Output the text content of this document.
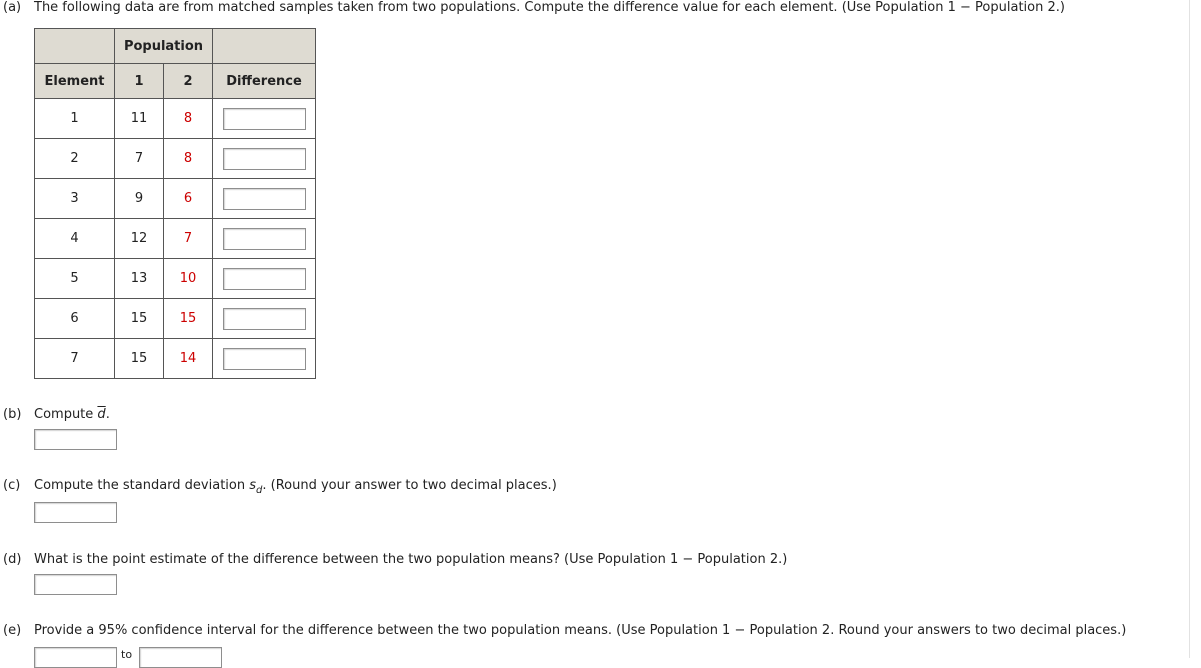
(a) The following data are from matched samples taken from two populations. Compute the difference value for each element. (Use Population 1 − Population 2.)
	Population		
Element	1	2	Difference
1	11	8	

2	7	8	

3	9	6	

4	12	7	

5	13	10	

6	15	15	

7	15	14	
(b) Compute $\overline{d}$.
(c) Compute the standard deviation $s_d$. (Round your answer to two decimal places.)
(d) What is the point estimate of the difference between the two population means? (Use Population 1 − Population 2.)
(e) Provide a 95% confidence interval for the difference between the two population means. (Use Population 1 − Population 2. Round your answers to two decimal places.)
to
